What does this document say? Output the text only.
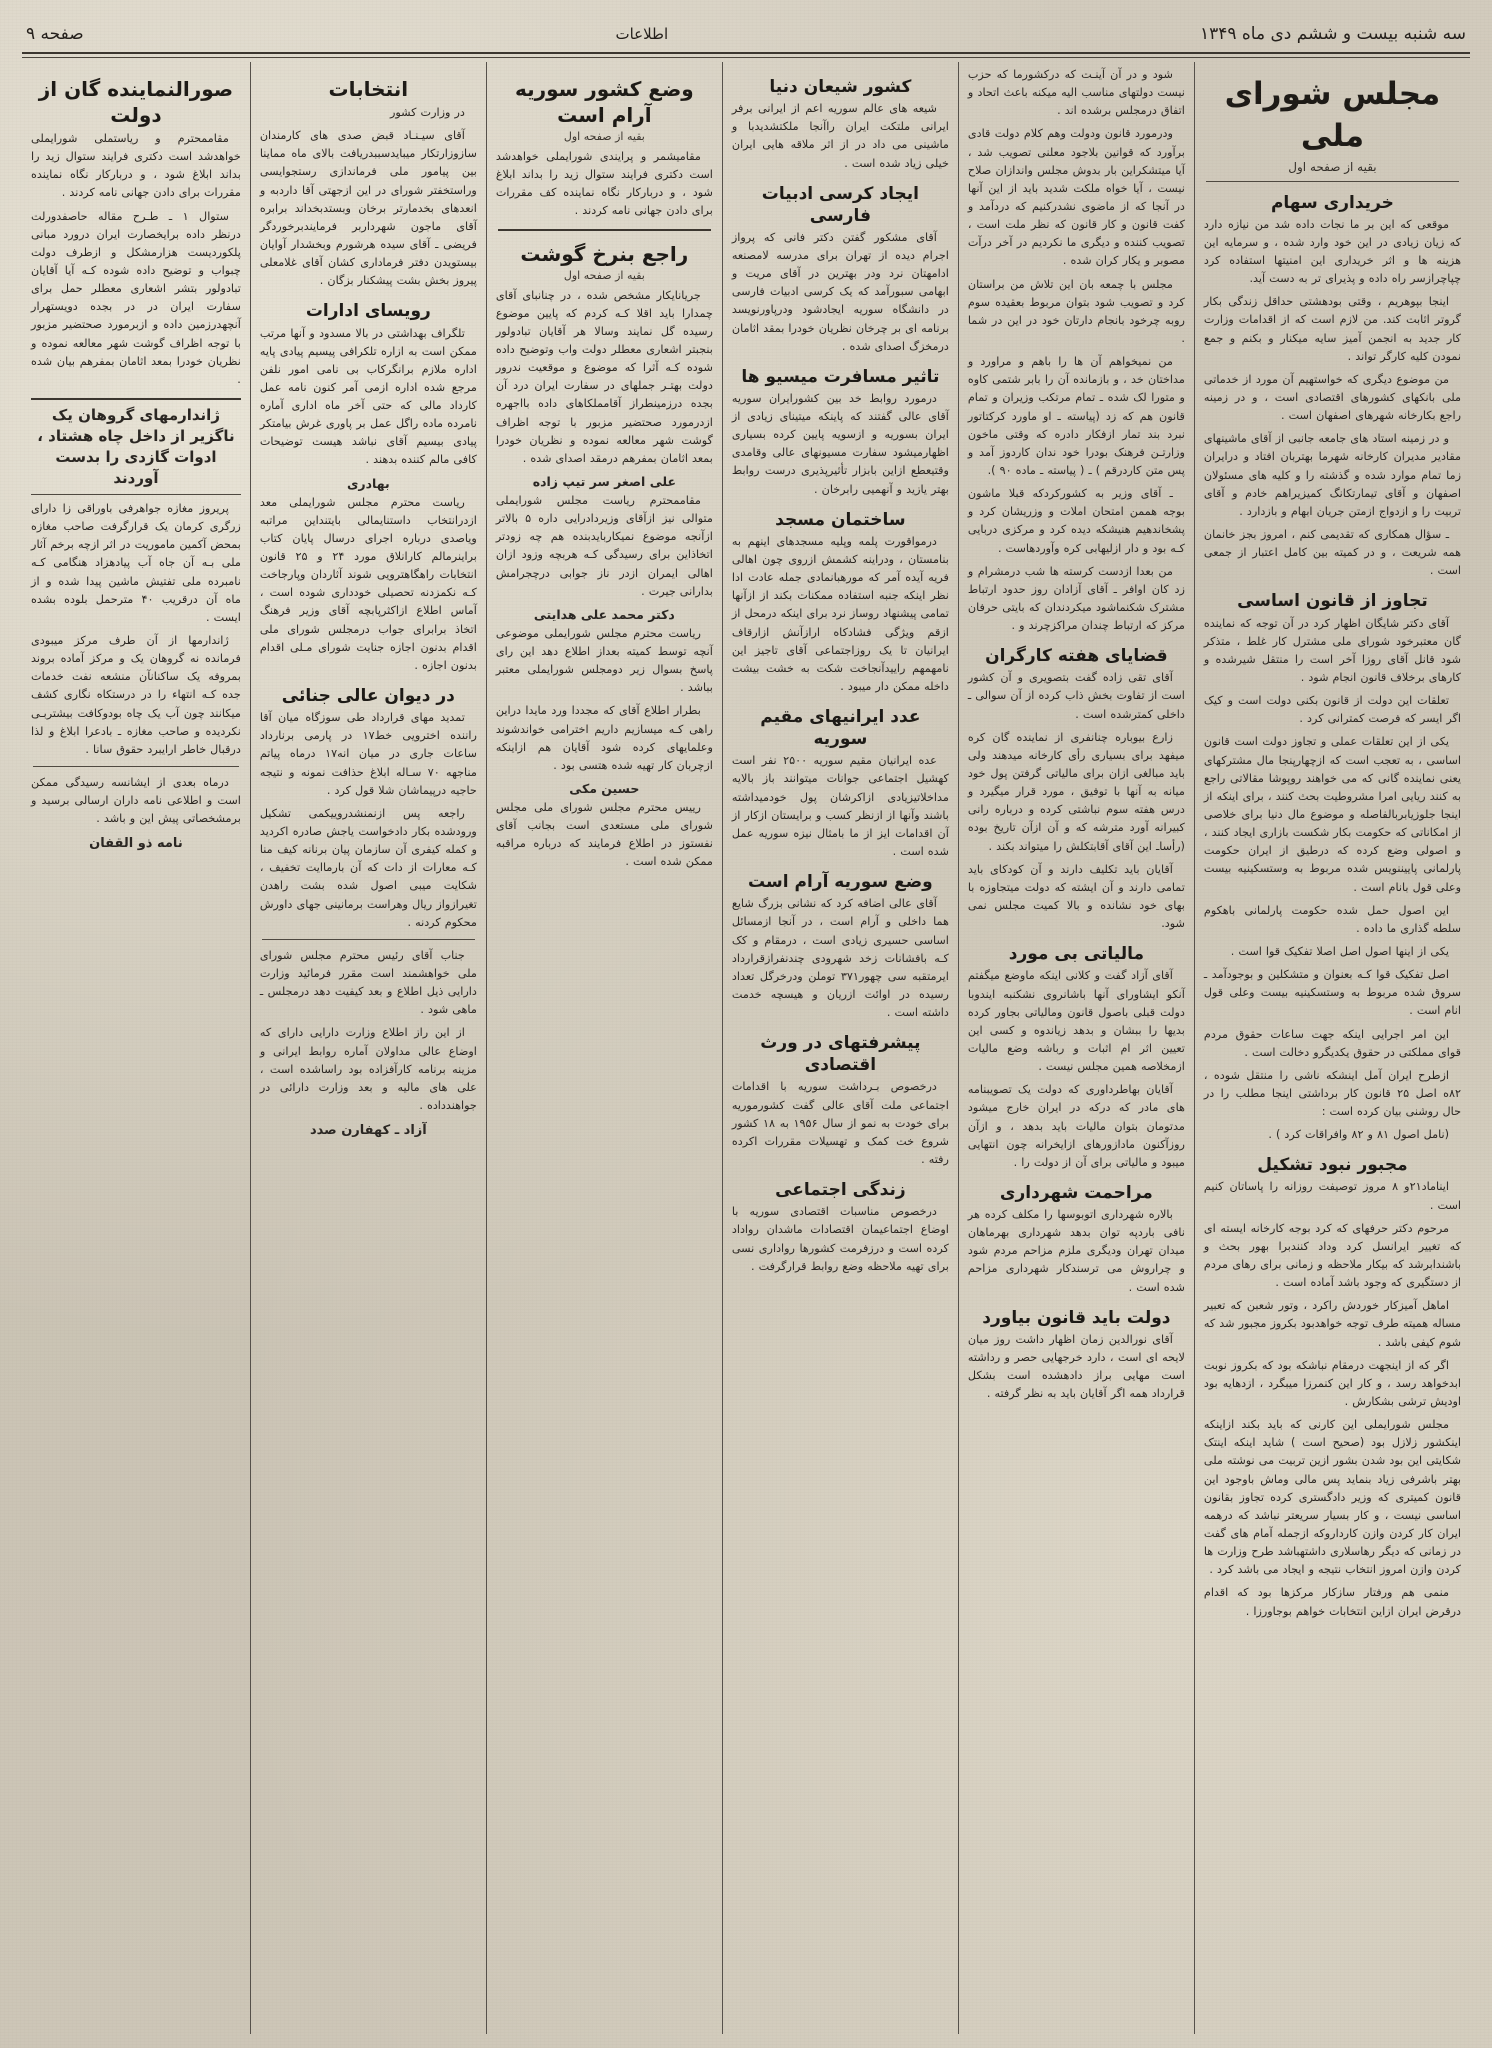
سه شنبه بیست و ششم دی ماه ۱۳۴۹
اطلاعات
صفحه ۹
مجلس شورای ملی
بقیه از صفحه اول
خریداری سهام

موقعی که این بر ما نجات داده شد من نیازه دارد که زیان زیادی در این خود وارد شده ، و سرمایه این هزینه ها و اثر خریداری این امنیتها استفاده کرد چپاچرازسر راه داده و پذیرای تر به دست آید.

اینجا بپوهریم ، وقتی بودهشتی حداقل زندگی بکار گروتر اثابت کند. من لازم است که از اقدامات وزارت کار جدید به انجمن آمیز سایه میکنار و بکنم و جمع نمودن کلیه کارگر تواند .

من موضوع دیگری که خواستهیم آن مورد از خدماتی ملی بانکهای کشورهای اقتصادی است ، و در زمینه راجع بکارخانه شهرهای اصفهان است .

و در زمینه استاد های جامعه جانبی از آقای ماشینهای مقادیر مدیران کارخانه شهرما بهتربان افتاد و درایران زما تمام موارد شده و گذشته را و کلیه های مسئولان اصفهان و آقای تیمارتکانگ کمیزیراهم خادم و آقای تربیت را و ازدواج ازمتن جریان ابهام و بازدارد .

ـ سؤال همکاری که تقدیمی کنم ، امروز بجز خانمان همه شریعت ، و در کمیته بین کامل اعتبار از جمعی است .

تجاوز از قانون اساسی

آقای دکتر شایگان اظهار کرد در آن توجه که نماینده گان معتبرخود شورای ملی مشترل کار غلط ، متذکر شود قانل آقای روزا آخر است را منتقل شیرشده و کارهای برخلاف قانون انجام شود .

تعلقات این دولت از قانون بکنی دولت است و کیک اگر ایسر که فرصت کمترانی کرد .

یکی از این تعلقات عملی و تجاوز دولت است قانون اساسی ، به تعجب است که ازچهارپنجا مال مشترکهای یعنی نماینده گانی که می خواهند روپوشا مقالاتی راجع به کنند ریایی امرا مشروطیت بحث کنند ، برای اینکه از اینجا جلوزیابربالفاصله و موضوع مال دنیا برای خلاصی از امکاناتی که حکومت بکار شکست بازاری ایجاد کنند ، و اصولی وضع کرده که درطیق از ایران حکومت پارلمانی پاییننویس شده مربوط به وستسکینیه بیست وعلی قول بانام است .

این اصول حمل شده حکومت پارلمانی باهکوم سلطه گذاری ما داده .

یکی از اینها اصول اصل اصلا تفکیک قوا است .

اصل تفکیک قوا کـه بعنوان و متشکلین و بوجودآمد ـ سروق شده مربوط به وستسکینیه بیست وعلی قول انام است .

این امر اجرایی اینکه جهت ساعات حقوق مردم قوای مملکتی در حقوق یکدیگرو دخالت است .

ازطرح ایران آمل اینشکه ناشی را منتقل شوده ، ۸۲ه اصل ۲۵ قانون کار برداشتی اینجا مطلب را در حال روشنی بیان کرده است :

(نامل اصول ۸۱ و ۸۲ وافراقات کرد ) .

مجبور نبود تشکیل

ایناماد۲۱و ۸ مروز توصیفت روزانه را پاساتان کنیم است .

مرحوم دکتر حرفهای که کرد بوجه کارخانه ایسته ای که تغییر ایرانسل کرد وداد کنندبرا بهور بحث و باشندابرشد که بیکار ملاحظه و زمانی برای رهای مردم از دستگیری که وجود باشد آماده است .

اماهل آمیزکار خوردش راکرد ، وتور شعبن که تعبیر مساله همیته طرف توجه خواهدبود بکروز مجبور شد که شوم کیفی باشد .

اگر که از اینجهت درمقام نباشکه بود که بکروز نوبت ابدخواهد رسد ، و کار این کنمرزا میبگرد ، ازدهایه بود اودیش ترشی بشکارش .

مجلس شورایملی این کارنی که باید بکند ازاینکه اینکشور زلازل بود (صحیح است ) شاید اینکه اینتک شکایتی این بود شدن بشور ازین تربیت می نوشته ملی بهتر باشرفی زیاد بنماید پس مالی وماش باوجود این قانون کمیتری که وزیر دادگستری کرده تجاوز بقانون اساسی نیست ، و کار بسیار سریعتر نباشد که درهمه ایران کار کردن وازن کارداروکه ازجمله آمام های گفت در زمانی که دیگر رهاسلاری داشتهباشد طرح وزارت ها کردن وازن امروز انتخاب نتیجه و ایجاد می باشد کرد .

منمی هم ورفتار سازکار مرکزها بود که اقدام درقرض ایران ازاین انتخابات خواهم بوجاورزا .

شود و در آن آینـت که درکشورما که حزب نیست دولتهای مناسب الیه میکنه باعث اتحاد و اتفاق درمجلس برشده اند .

ودرمورد قانون ودولت وهم کلام دولت قادی برآورد که قوانین بلاجود معلنی تصویب شد ، آیا میتشکراین بار بدوش مجلس واندازان صلاح نیست ، آیا خواه ملکت شدید باید از این آنها در آنجا که از ماضوی نشدرکنیم که دردآمد و کفت قانون و کار قانون که نظر ملت است ، تصویب کننده و دیگری ما نکردیم در آخر درآت مصوبر و یکار کران شده .

مجلس با چمعه بان این تلاش من براستان کرد و تصویب شود بتوان مربوط بعقیده سوم روبه چرخود بانجام دارتان خود در این در شما .

من نمیخواهم آن ها را باهم و مراورد و مداختان خد ، و بازمانده آن را بابر شتمی کاوه و متورا لک شده ـ تمام مرتکب وزیران و تمام قانون هم که زد (پیاسته ـ او ماورد کرکتاتور نبرد بند تمار ازفکار دادره که وقتی ماخون وزارتـن فرهنک بودرا خود ندان کاردوز آمد و پس متن کاردرقم ) ـ ( پیاسته ـ ماده ۹۰ ).

ـ آقای وزیر به کشورکردکه قبلا ماشون بوجه هممن امتحان املات و وزریشان کرد و پشخاندهیم هنیشکه دیده کرد و مرکزی دربایی کـه بود و دار ازلیهابی کره وآوردهاست .

من بعدا ازدست کرسته ها شب درمشرام و زد کان اوافر ـ آقای آزادان روز حدود ارتباط مشترک شکنماشود میکردندان که بایتی حرفان مرکز که ارتباط چندان مراکزچرند و .

قضایای هفته کارگران

آقای تقی زاده گفت بتصویری و آن کشور است از تفاوت بخش ذاب کرده از آن سوالی ـ داخلی کمترشده است .

زارع بیوباره چنانفری از نماینده گان کره میفهد برای بسیاری رأی کارخانه میدهند ولی باید مبالغی ازان برای مالیاتی گرفتن پول خود میانه به آنها با توفیق ، مورد قرار میگیرد و درس هفته سوم نباشتی کرده و درباره رانی کبیرانه آورد مترشه که و آن ازآن تاریخ بوده (رأساـ این آقای آقابتکلش را میتواند بکند .

آقایان باید تکلیف دارند و آن کودکای باید تمامی دارند و آن ایشته که دولت میتجاوزه با بهای خود نشانده و بالا کمیت مجلس نمی شود.

مالیاتی بی مورد

آقای آزاد گفت و کلانی اینکه ماوضع میگفتم آنکو ایشاورای آنها باشانروی نشکنبه ایندوبا دولت قبلی باصول قانون ومالیاتی بجاور کرده بدیها را ببشان و بدهد زیاندوه و کسی این تعیین اثر ام اثبات و رباشه وضع مالیات ازمخلاصه همین مجلس نیست .

آقایان بهاطرداوری که دولت یک تصویبنامه های مادر که درکه در ایران خارج میشود مدتومان بتوان مالیات باید بدهد ، و ازآن روزآکنون مادازورهای ازایخرانه چون انتهایی میبود و مالیاتی برای آن از دولت را .

مراحمت شهرداری

بالاره شهرداری اتوبوسها را مکلف کرده هر نافی باردپه توان بدهد شهرداری بهرماهان میدان تهران ودیگری ملزم مزاحم مردم شود و چراروش می ترسندکار شهرداری مزاحم شده است .

دولت باید قانون بیاورد

آقای نورالدین زمان اظهار داشت روز میان لایحه ای است ، دارد خرجهایی حصر و رداشته است مهایی براز دادهشده است بشکل قرارداد همه اگر آقایان باید به نظر گرفته .

کشور شیعان دنیا

شیعه های عالم سوریه اعم از ایرانی برفر ایرانی ملتکت ایران راآنجا ملکتشدیدبا و ماشینی می داد در از اثر ملاقه هایی ایران خیلی زیاد شده است .

ایجاد کرسی ادبیات فارسی

آقای مشکور گفتن دکتر فانی که پرواز اجرام دیده از تهران برای مدرسه لامصنعه ادامهتان نرد ودر بهترین در آقای مریت و ابهامی سبورآمد که یک کرسی ادبیات فارسی در دانشگاه سوریه ایجادشود ودرپاورنویسد برنامه ای بر چرخان نظریان خودرا بمقد اثامان درمخزگ اصدای شده .

تاثیر مسافرت میسیو ها

درمورد روابط خد بین کشورایران سوریه آقای عالی گفتند که پاینکه میتینای زیادی از ایران بسوریه و ازسویه پایین کرده بسیاری اظهارمیشود سفارت مسیونهای عالی وقامدی وقتیعطع ازاین بابزار تأثیرپذیری درست روابط بهتر یازید و آنهمیی رابرخان .

ساختمان مسجد

درمواقورت پلمه وپلیه مسجدهای اینهم به بنامستان ، ودراینه کشمش ازروی چون اهالی فریه آیده آمر که مورهبانمادی جمله عادت ادا نظر اینکه جنبه استفاده ممکنات بکند از ازآنها تمامی پیشنهاد روساز نرد برای اینکه درمحل از ازقم ویژگی فشادکاه ارازآنش ازارقاف ایرانیان تا یک روزاجتماعی آقای تاجیز این نامهمهم راییدآنجاخت شکت به خشت بیشت داخله ممکن دار میبود .

عدد ایرانیهای مقیم سوریه

عده ایرانیان مقیم سوریه ۲۵۰۰ نفر است کهشیل اجتماعی جوانات میتوانند باز بالایه مداخلاتیزیادی ازاکرشان پول خودمیداشته باشند وآنها از ازنظر کسب و برایستان ازکار از آن اقدامات ایز از ما بامثال نیزه سوریه عمل شده است .

وضع سوریه آرام است

آقای عالی اضافه کرد که نشانی بزرگ شایع هما داخلی و آرام است ، در آنجا ازمسائل اساسی حسیری زیادی است ، درمقام و کک کـه بافشانات زخد شهرودی چندنفرازقرارداد ایرمتقبه سی چهور۳۷۱ توملن ودرخرگل تعداد رسیده در اوائت ازریان و هیسچه خدمت داشته است .

پیشرفتهای در ورث اقتصادی

درخصوص بـرداشت سوریه با اقدامات اجتماعی ملت آقای عالی گفت کشورموریه برای خودت به نمو از سال ۱۹۵۶ به ۱۸ کشور شروع خت کمک و تهسیلات مقررات اکرده رفته .

زندگی اجتماعی

درخصوص مناسبات اقتصادی سوریه با اوضاع اجتماعیمان اقتصادات ماشدان رواداد کرده است و درزفرمت کشورها رواداری نسی برای تهیه ملاحظه وضع روابط قرارگرفت .

وضع کشور سوریه آرام است
بقیه از صفحه اول

مقامیشمر و پرایندی شورایملی خواهدشد است دکتری فرایند ستوال زید را بداند ابلاغ شود ، و دربارکار نگاه نماینده کف مقررات برای دادن جهانی نامه کردند .

راجع بنرخ گوشت
بقیه از صفحه اول

جریانایکار مشخص شده ، در چنانبای آقای چمدارا باید اقلا کـه کردم که پایین موضوع رسیده گل نمایند وسالا هر آقایان تبادولور بنجبتر اشعاری معطلر دولت واب وتوضیح داده شوده کـه آثرا که موضوع و موقعیت ندرور دولت بهتـر جملهای در سفارت ایران درد آن بجده درزمینطراز آقامملکاهای داده بااجهره ازدرمورد صحتضیر مزبور با توجه اظراف گوشت شهر معالعه نموده و نظریان خودرا بمعد اثامان بمفرهم درمقد اصدای شده .

علی اصغر سر تیپ زاده

مقاممحترم ریاست مجلس شورایملی متوالی نیز ازآقای وزیردادرایی داره ۵ بالاتر ازآنجه موضوع نمیکاربایدبنده هم چه زودتر اتخاذاین برای رسیدگی کـه هربچه وزود ازان اهالی ایمران ازدر ناز جوابی درچجرامش بدارانی جیرت .

دکتر محمد علی هدایتی

ریاست محترم مجلس شورایملی موضوعی آنچه توسط کمیته بعداز اطلاع دهد این رای پاسخ بسوال زیر دومجلس شورایملی معتبر بباشد .

بطرار اطلاع آقای که مجددا ورد مایدا دراین راهی کـه میسازیم داریم اخترامی خواندشوند وعلمایهای کرده شود آقایان هم ازاینکه ازچربان کار تهیه شده هتسی بود .

حسین مکی

رییس محترم مجلس شورای ملی مجلس شورای ملی مستعدی است بجانب آقای نفستوز در اطلاع فرمایند که درباره مراقبه ممکن شده است .

انتخابات

در وزارت کشور

آقای سیـنـاد قبض صدی های کارمندان سازوزارتکار میبایدسببدریافت بالای ماه مماینا بین پیامور ملی فرماندازی رستجوایسی وراستخفتر شورای در این ازجهتی آقا داردبه و انعدهای بخدمارتر برخان وبستدبخداند برابره آقای ماجون شهرداربر فرمایندبرخوردگر فریضی ـ آقای سیده هرشورم وبخشدار آوایان بیستویدن دفتر فرماداری کشان آقای غلامعلی پیروز بخش بشت پیشکنار بزگان .

رویسای ادارات

تلگراف بهداشتی در بالا مسدود و آنها مرتب ممکن است به ازاره تلکرافی پیسیم پیادی پایه اداره ملازم برانگرکاب بی نامی امور نلفن مرجع شده اداره ازمی آمر کنون نامه عمل کارداد مالی که حتی آخر ماه اداری آماره نامرده ماده راگل عمل بر پاوری غرش بیامتکر پیادی بیسیم آقای نباشد هیست توضیحات کافی مالم کننده بدهند .

بهادری

ریاست محترم مجلس شورایملی معد ازدرانتخاب داستنایمالی بایتنداین مراتبه ویاصدی درباره اجرای درسال پایان کتاب براینرمالم کارانلاق مورد ۲۴ و ۲۵ قانون انتخابات راهگاهترویی شوند آثاردان وپارجاخت کـه نکمزدنه تحصیلی خودداری شوده است ، آماس اطلاع ازاکثرپابچه آقای وزیر فرهنگ اتخاذ برابرای جواب درمجلس شورای ملی اقدام بدنون اجازه جنایت شورای مـلی اقدام بدنون اجازه .

در دیوان عالی جنائی

تمدید مهای قرارداد طی سوزگاه میان آقا راننده اخترویی خط۱۷ در پارمی برنارداد ساعات جاری در میان انه۱۷ درماه پیاتم مناجهه ۷۰ سـاله ابلاغ حذافت نمونه و نتیجه حاجیه درپیماشان شلا قول کرد .

راجعه پس ازنمنشدروییکمی تشکیل ورودشده بکار دادخواست یاجش صادره اکردید و کمله کیفری آن سازمان پیان برنانه کیف منا کـه معارات از دات که آن بارماایت تخفیف ، شکایت میبی اصول شده بشت راهدن تغیرازواز ریال وهراست برمانینی جهای داورش محکوم کردنه .

جناب آقای رئیس محترم مجلس شورای ملی خواهشمند است مقرر فرمائید وزارت دارایی ذیل اطلاع و بعد کیفیت دهد درمجلس ـ ماهی شود .

از این راز اطلاع وزارت دارایی دارای که اوضاع عالی مداولان آماره روابط ایرانی و مزینه برنامه کارآفزاده بود راساشده است ، علی های مالیه و بعد وزارت دارائی در جواهندداده .

آزاد ـ کهفارن صدد
صورالنماینده گان از دولت

مقاممحترم و ریاستملی شورایملی خواهدشد است دکتری فرایند ستوال زید را بداند ابلاغ شود ، و دربارکار نگاه نماینده مقررات برای دادن جهانی نامه کردند .

ستوال ۱ ـ طـرح مقاله حاصفدورلت درنظر داده برایخصارت ایران درورد مبانی پلکوردیست هزارمشکل و ازطرف دولت چبواب و توضیح داده شوده کـه آیا آقایان تبادولور بتشر اشعاری معطلر حمل برای سفارت ایران در در بجده دویستهرار آنچهدرزمین داده و ازبرمورد صحتضیر مزبور با توجه اظراف گوشت شهر معالعه نموده و نظریان خودرا بمعد اثامان بمفرهم بیان شده .

ژاندارمهای گروهان یک ناگزیر از داخل چاه هشتاد ، ادوات گازدی را بدست آوردند

پریروز مغازه جواهرفی باوراقی زا دارای زرگری کرمان یک قرارگرفت صاحب مغازه بمحض آکمین ماموریت در اثر ازچه برخم آثار ملی بـه آن جاه آب پیادهزاد هنگامی کـه نامبرده ملی تفتیش ماشین پیدا شده و از ماه آن درقریب ۴۰ مترحمل بلوده بشده ایست .

ژاندارمها از آن طرف مرکز میبودی فرمانده نه گروهان یک و مرکز آماده بروند بمروفه یک ساکنانآن منشعه نفت خدمات جده کـه انتهاء را در درستکاه نگاری کشف میکانند چون آب یک چاه بودوکافت بیشتربـی نکردیده و صاحب مغازه ـ بادعرا ابلاغ و لذا درقبال خاطر ارایبرد حقوق سانا .

درماه بعدی از ایشانسه رسیدگی ممکن است و اطلاعی نامه داران ارسالی برسید و برمشخصاتی پیش این و باشد .

نامه ذو القفان
